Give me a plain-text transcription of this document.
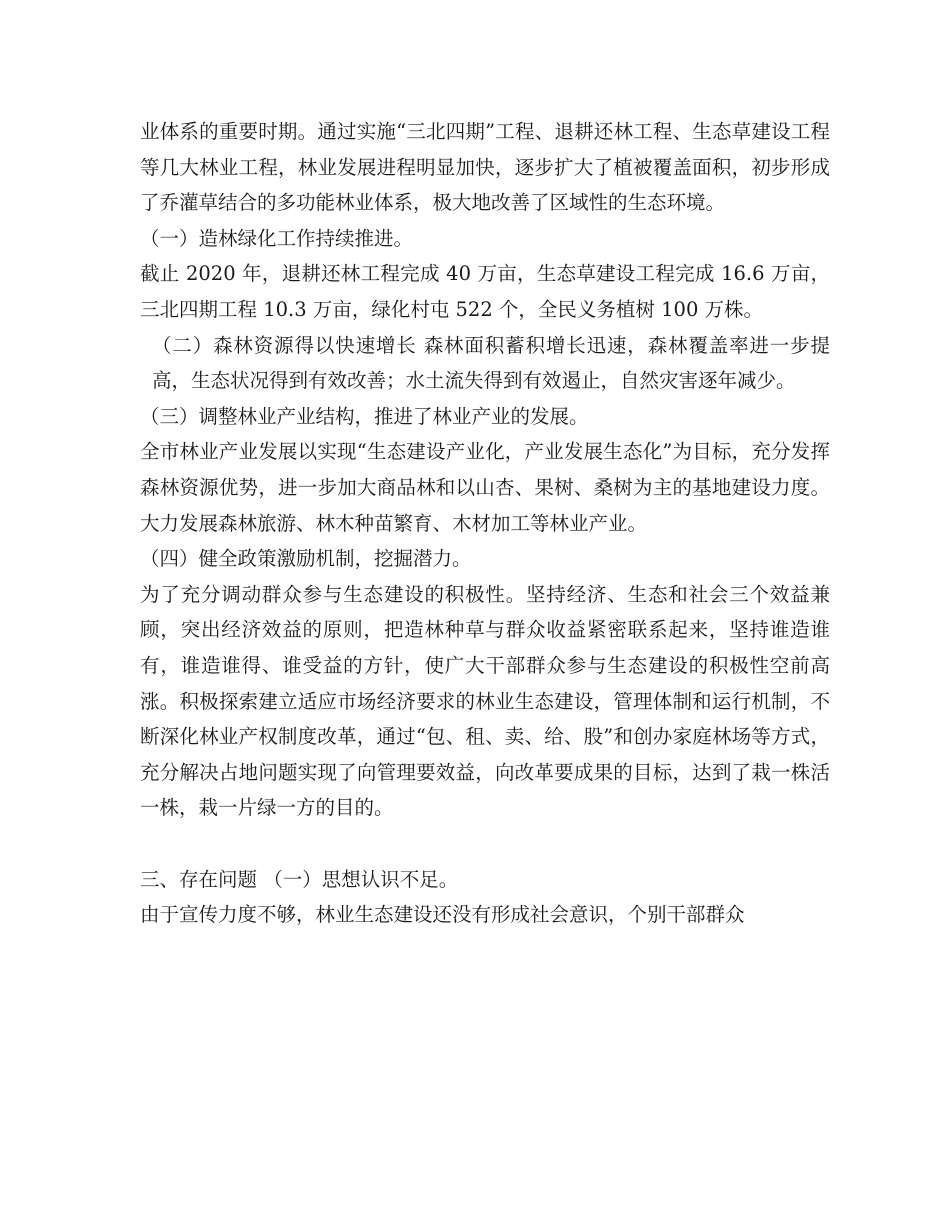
业体系的重要时期。通过实施“三北四期”工程、退耕还林工程、生态草建设工程等几大林业工程，林业发展进程明显加快，逐步扩大了植被覆盖面积，初步形成了乔灌草结合的多功能林业体系，极大地改善了区域性的生态环境。

（一）造林绿化工作持续推进。

截止 2020 年，退耕还林工程完成 40 万亩，生态草建设工程完成 16.6 万亩，三北四期工程 10.3 万亩，绿化村屯 522 个，全民义务植树 100 万株。

（二）森林资源得以快速增长 森林面积蓄积增长迅速，森林覆盖率进一步提高，生态状况得到有效改善；水土流失得到有效遏止，自然灾害逐年减少。

（三）调整林业产业结构，推进了林业产业的发展。

全市林业产业发展以实现“生态建设产业化，产业发展生态化”为目标，充分发挥森林资源优势，进一步加大商品林和以山杏、果树、桑树为主的基地建设力度。大力发展森林旅游、林木种苗繁育、木材加工等林业产业。

（四）健全政策激励机制，挖掘潜力。

为了充分调动群众参与生态建设的积极性。坚持经济、生态和社会三个效益兼顾，突出经济效益的原则，把造林种草与群众收益紧密联系起来，坚持谁造谁有，谁造谁得、谁受益的方针，使广大干部群众参与生态建设的积极性空前高涨。积极探索建立适应市场经济要求的林业生态建设，管理体制和运行机制，不断深化林业产权制度改革，通过“包、租、卖、给、股”和创办家庭林场等方式，充分解决占地问题实现了向管理要效益，向改革要成果的目标，达到了栽一株活一株，栽一片绿一方的目的。

三、存在问题 （一）思想认识不足。

由于宣传力度不够，林业生态建设还没有形成社会意识，个别干部群众
